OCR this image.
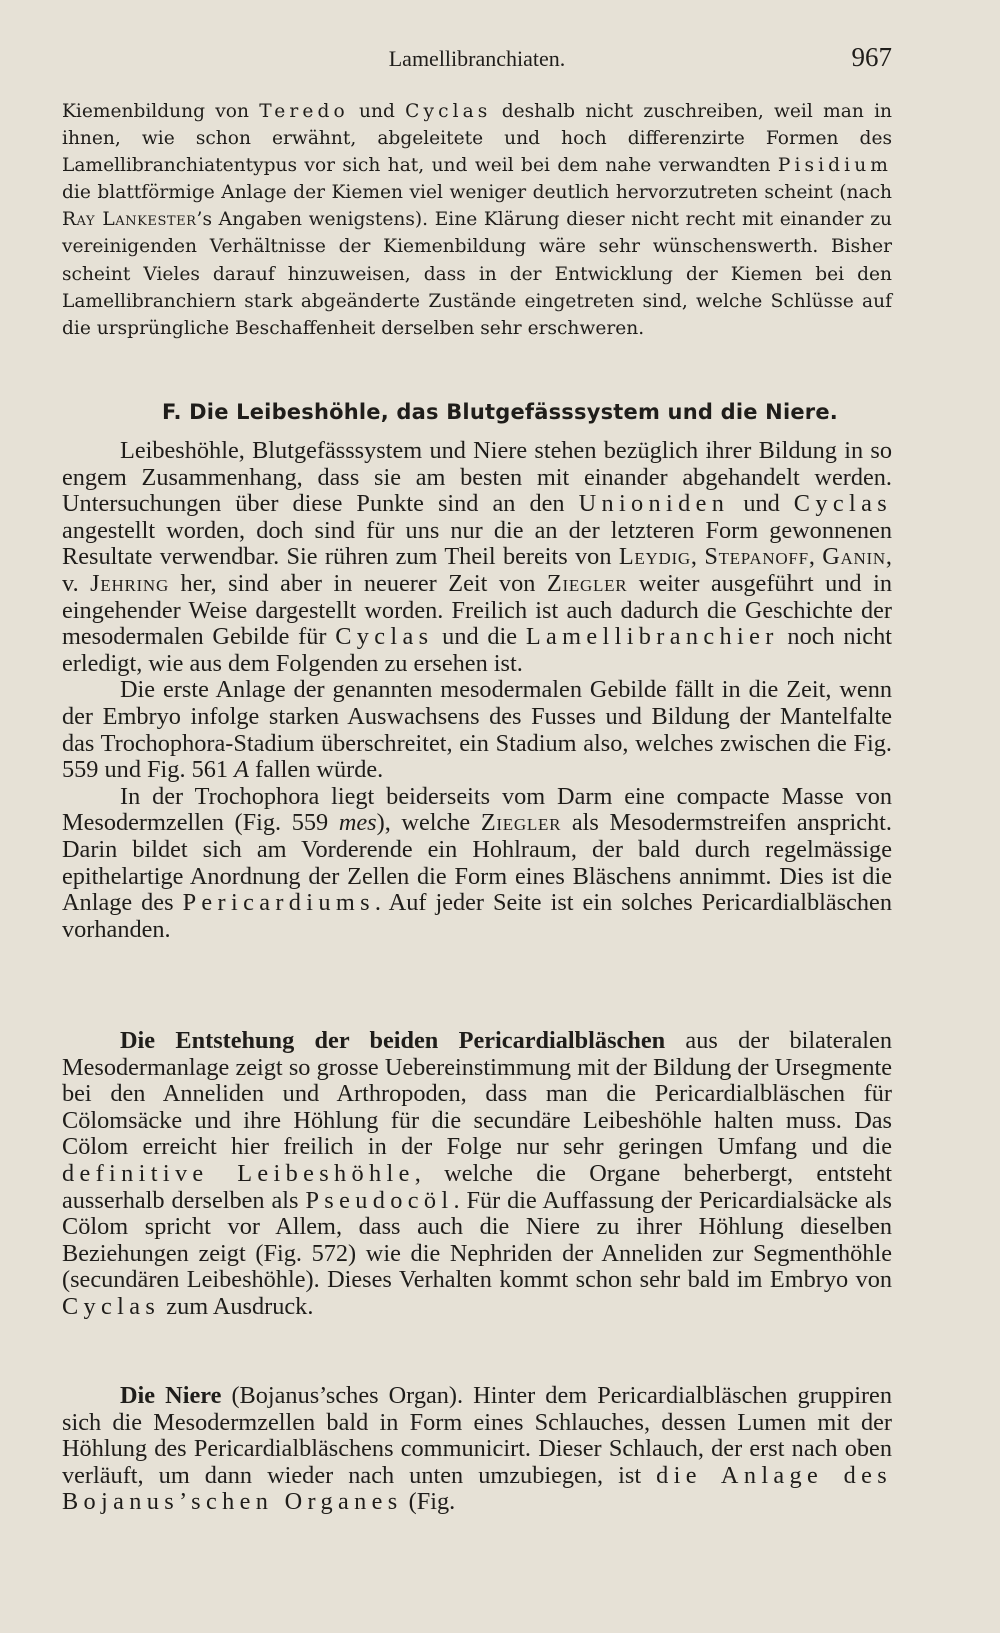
Lamellibranchiaten.	967

Kiemenbildung von Teredo und Cyclas deshalb nicht zuschreiben, weil man in ihnen, wie schon erwähnt, abgeleitete und hoch differenzirte Formen des Lamellibranchiatentypus vor sich hat, und weil bei dem nahe verwandten Pisidium die blattförmige Anlage der Kiemen viel weniger deutlich hervorzutreten scheint (nach Ray Lankester’s Angaben wenigstens). Eine Klärung dieser nicht recht mit einander zu vereinigenden Verhältnisse der Kiemenbildung wäre sehr wünschenswerth. Bisher scheint Vieles darauf hinzuweisen, dass in der Entwicklung der Kiemen bei den Lamellibranchiern stark abgeänderte Zustände eingetreten sind, welche Schlüsse auf die ursprüngliche Beschaffenheit derselben sehr erschweren.

F. Die Leibeshöhle, das Blutgefässsystem und die Niere.

Leibeshöhle, Blutgefässsystem und Niere stehen bezüglich ihrer Bildung in so engem Zusammenhang, dass sie am besten mit einander abgehandelt werden. Untersuchungen über diese Punkte sind an den Unioniden und Cyclas angestellt worden, doch sind für uns nur die an der letzteren Form gewonnenen Resultate verwendbar. Sie rühren zum Theil bereits von Leydig, Stepanoff, Ganin, v. Jehring her, sind aber in neuerer Zeit von Ziegler weiter ausgeführt und in eingehender Weise dargestellt worden. Freilich ist auch dadurch die Geschichte der mesodermalen Gebilde für Cyclas und die Lamellibranchier noch nicht erledigt, wie aus dem Folgenden zu ersehen ist.

Die erste Anlage der genannten mesodermalen Gebilde fällt in die Zeit, wenn der Embryo infolge starken Auswachsens des Fusses und Bildung der Mantelfalte das Trochophora-Stadium überschreitet, ein Stadium also, welches zwischen die Fig. 559 und Fig. 561 A fallen würde.

In der Trochophora liegt beiderseits vom Darm eine compacte Masse von Mesodermzellen (Fig. 559 mes), welche Ziegler als Mesodermstreifen anspricht. Darin bildet sich am Vorderende ein Hohlraum, der bald durch regelmässige epithelartige Anordnung der Zellen die Form eines Bläschens annimmt. Dies ist die Anlage des Pericardiums. Auf jeder Seite ist ein solches Pericardialbläschen vorhanden.

Die Entstehung der beiden Pericardialbläschen aus der bilateralen Mesodermanlage zeigt so grosse Uebereinstimmung mit der Bildung der Ursegmente bei den Anneliden und Arthropoden, dass man die Pericardialbläschen für Cölomsäcke und ihre Höhlung für die secundäre Leibeshöhle halten muss. Das Cölom erreicht hier freilich in der Folge nur sehr geringen Umfang und die definitive Leibeshöhle, welche die Organe beherbergt, entsteht ausserhalb derselben als Pseudocöl. Für die Auffassung der Pericardialsäcke als Cölom spricht vor Allem, dass auch die Niere zu ihrer Höhlung dieselben Beziehungen zeigt (Fig. 572) wie die Nephriden der Anneliden zur Segmenthöhle (secundären Leibeshöhle). Dieses Verhalten kommt schon sehr bald im Embryo von Cyclas zum Ausdruck.

Die Niere (Bojanus’sches Organ). Hinter dem Pericardialbläschen gruppiren sich die Mesodermzellen bald in Form eines Schlauches, dessen Lumen mit der Höhlung des Pericardialbläschens communicirt. Dieser Schlauch, der erst nach oben verläuft, um dann wieder nach unten umzubiegen, ist die Anlage des Bojanus’schen Organes (Fig.
